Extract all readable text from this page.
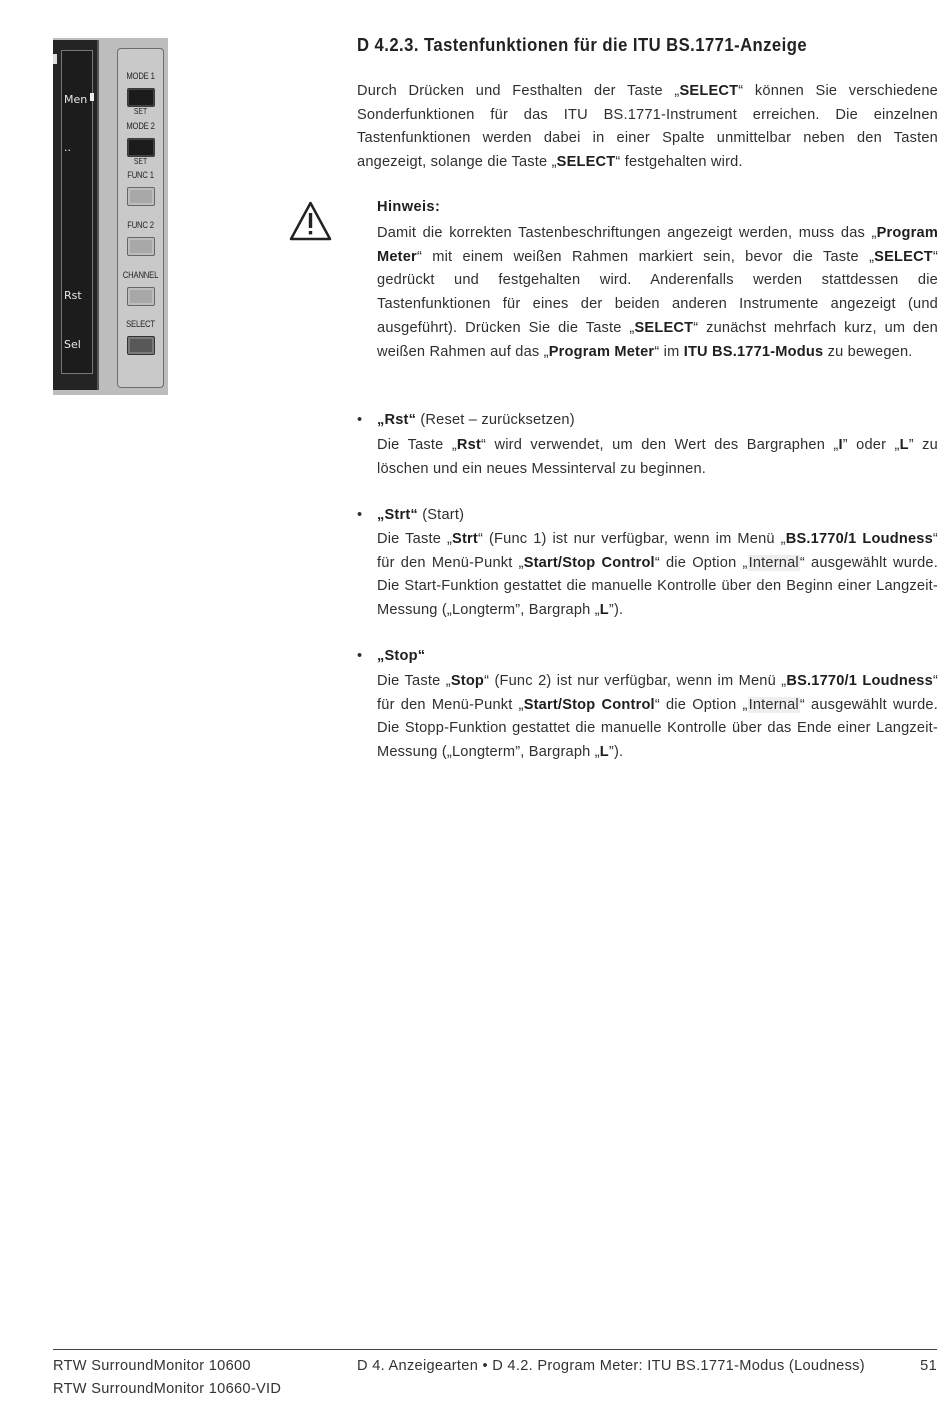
Men
..
Rst
Sel
MODE 1
SET
MODE 2
SET
FUNC 1
FUNC 2
CHANNEL
SELECT
D 4.2.3. Tastenfunktionen für die ITU BS.1771-Anzeige

Durch Drücken und Festhalten der Taste „SELECT“ können Sie verschiedene Sonderfunktionen für das ITU BS.1771-Instrument erreichen. Die einzelnen Tastenfunktionen werden dabei in einer Spalte unmittelbar neben den Tasten angezeigt, solange die Taste „SELECT“ festgehalten wird.

Hinweis:

Damit die korrekten Tastenbeschriftungen angezeigt werden, muss das „Program Meter“ mit einem weißen Rahmen markiert sein, bevor die Taste „SELECT“ gedrückt und festgehalten wird. Anderenfalls werden stattdessen die Tastenfunktionen für eines der beiden anderen Instrumente angezeigt (und ausgeführt). Drücken Sie die Taste „SELECT“ zunächst mehrfach kurz, um den weißen Rahmen auf das „Program Meter“ im ITU BS.1771-Modus zu bewegen.

• „Rst“ (Reset – zurücksetzen)

Die Taste „Rst“ wird verwendet, um den Wert des Bargraphen „I” oder „L” zu löschen und ein neues Messinterval zu beginnen.

• „Strt“ (Start)

Die Taste „Strt“ (Func 1) ist nur verfügbar, wenn im Menü „BS.1770/1 Loudness“ für den Menü-Punkt „Start/Stop Control“ die Option „Internal“ ausgewählt wurde. Die Start-Funktion gestattet die manuelle Kontrolle über den Beginn einer Langzeit-Messung („Longterm”, Bargraph „L”).

• „Stop“

Die Taste „Stop“ (Func 2) ist nur verfügbar, wenn im Menü „BS.1770/1 Loudness“ für den Menü-Punkt „Start/Stop Control“ die Option „Internal“ ausgewählt wurde. Die Stopp-Funktion gestattet die manuelle Kontrolle über das Ende einer Langzeit-Messung („Longterm”, Bargraph „L”).

RTW SurroundMonitor 10600
RTW SurroundMonitor 10660-VID
D 4. Anzeigearten • D 4.2. Program Meter: ITU BS.1771-Modus (Loudness)	51
